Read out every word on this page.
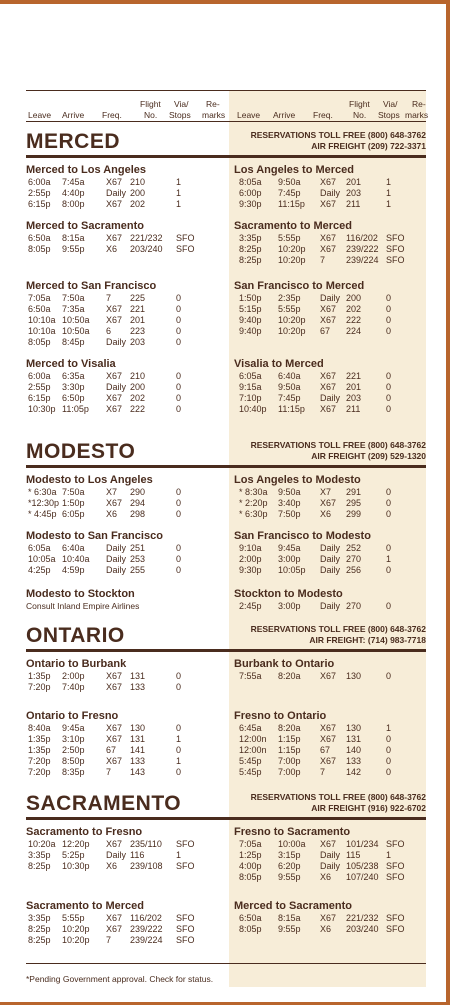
Leave Arrive Freq.
Flight
No.
Via/
Stops
Re-
marks Leave Arrive Freq.
Flight
No.
Via/
Stops
Re-
marks
*Pending Government approval. Check for status.
MERCED	RESERVATIONS TOLL FREE (800) 648-3762
AIR FREIGHT (209) 722-3371
Merced to Los Angeles
6:00a 7:45a X67 210	1
2:55p 4:40p Daily 200	1
6:15p 8:00p X67 202	1
Los Angeles to Merced
8:05a 9:50a X67 201	1
6:00p 7:45p Daily 203	1
9:30p 11:15p X67 211	1
Merced to Sacramento
6:50a 8:15a X67 221/232 SFO
8:05p 9:55p X6 203/240 SFO
Sacramento to Merced
3:35p 5:55p X67 116/202 SFO
8:25p 10:20p X67 239/222 SFO
8:25p 10:20p 7 239/224 SFO
Merced to San Francisco
7:05a 7:50a 7 225	0
6:50a 7:35a X67 221	0
10:10a 10:50a X67 201	0
10:10a 10:50a 6 223	0
8:05p 8:45p Daily 203	0
San Francisco to Merced
1:50p 2:35p Daily 200	0
5:15p 5:55p X67 202	0
9:40p 10:20p X67 222	0
9:40p 10:20p 67 224	0
Merced to Visalia
6:00a 6:35a X67 210	0
2:55p 3:30p Daily 200	0
6:15p 6:50p X67 202	0
10:30p 11:05p X67 222	0
Visalia to Merced
6:05a 6:40a X67 221	0
9:15a 9:50a X67 201	0
7:10p 7:45p Daily 203	0
10:40p 11:15p X67 211	0
MODESTO	RESERVATIONS TOLL FREE (800) 648-3762
AIR FREIGHT (209) 529-1320
Modesto to Los Angeles
* 6:30a 7:50a X7 290	0
*12:30p 1:50p X67 294	0
* 4:45p 6:05p X6 298	0
Los Angeles to Modesto
* 8:30a 9:50a X7 291	0
* 2:20p 3:40p X67 295	0
* 6:30p 7:50p X6 299	0
Modesto to San Francisco
6:05a 6:40a Daily 251	0
10:05a 10:40a Daily 253	0
4:25p 4:59p Daily 255	0
San Francisco to Modesto
9:10a 9:45a Daily 252	0
2:00p 3:00p Daily 270	1
9:30p 10:05p Daily 256	0
Modesto to Stockton
Consult Inland Empire Airlines
Stockton to Modesto
2:45p 3:00p Daily 270	0
ONTARIO	RESERVATIONS TOLL FREE (800) 648-3762
AIR FREIGHT: (714) 983-7718
Ontario to Burbank
1:35p 2:00p X67 131	0
7:20p 7:40p X67 133	0
Burbank to Ontario
7:55a 8:20a X67 130	0
Ontario to Fresno
8:40a 9:45a X67 130	0
1:35p 3:10p X67 131	1
1:35p 2:50p 67 141	0
7:20p 8:50p X67 133	1
7:20p 8:35p 7 143	0
Fresno to Ontario
6:45a 8:20a X67 130	1
12:00n 1:15p X67 131	0
12:00n 1:15p 67 140	0
5:45p 7:00p X67 133	0
5:45p 7:00p 7 142	0
SACRAMENTO	RESERVATIONS TOLL FREE (800) 648-3762
AIR FREIGHT (916) 922-6702
Sacramento to Fresno
10:20a 12:20p X67 235/110 SFO
3:35p 5:25p Daily 116	1
8:25p 10:30p X6 239/108 SFO
Fresno to Sacramento
7:05a 10:00a X67 101/234 SFO
1:25p 3:15p Daily 115	1
4:00p 6:20p Daily 105/238 SFO
8:05p 9:55p X6 107/240 SFO
Sacramento to Merced
3:35p 5:55p X67 116/202 SFO
8:25p 10:20p X67 239/222 SFO
8:25p 10:20p 7 239/224 SFO
Merced to Sacramento
6:50a 8:15a X67 221/232 SFO
8:05p 9:55p X6 203/240 SFO
